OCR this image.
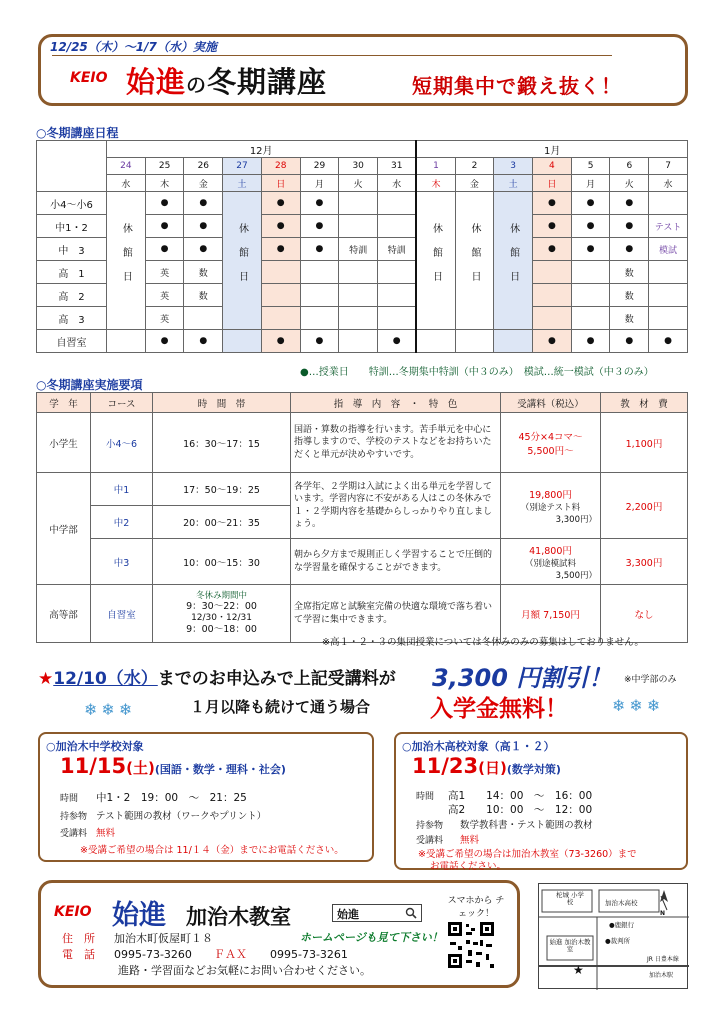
12/25（木）～1/7（水）実施
KEIO 始進の冬期講座	短期集中で鍛え抜く！
○冬期講座日程
	12月								1月						
	24	25	26	27	28	29	30	31	1	2	3	4	5	6	7
	水	木	金	土	日	月	火	水	木	金	土	日	月	火	水
小4～小6	休館日	●	●	休館日	●	●			休館日	休館日	休館日	●	●	●	
中1・2		●	●		●	●						●	●	●	テスト
中　3		●	●		●	●	特訓	特訓				●	●	●	模試
高　1		英	数											数	
高　2		英	数											数	
高　3		英												数	
自習室		●	●		●	●		●				●	●	●	●
●…授業日　　特訓…冬期集中特訓（中３のみ）　模試…統一模試（中３のみ）
○冬期講座実施要項
学　年	コース	時　間　帯	指　導　内　容　・　特　色	受講料（税込）	教　材　費
小学生	小4～6	16：30～17：15	国語・算数の指導を行います。苦手単元を中心に指導しますので、学校のテストなどをお持ちいただくと単元が決めやすいです。	45分×4コマ～
5,500円～	1,100円
中学部	中1	17：50～19：25	各学年、２学期は入試によく出る単元を学習しています。学習内容に不安がある人はこの冬休みで１・２学期内容を基礎からしっかりやり直しましょう。	19,800円
（別途テスト料
3,300円）	2,200円
	中2	20：00～21：35			
	中3	10：00～15：30	朝から夕方まで規則正しく学習することで圧倒的な学習量を確保することができます。	41,800円
（別途模試料
3,500円）	3,300円
高等部	自習室	冬休み期間中
9：30～22：00
12/30・12/31
9：00～18：00	全席指定席と試験室完備の快適な環境で落ち着いて学習に集中できます。	月額 7,150円	なし
※高１・２・３の集団授業については冬休みのみの募集はしておりません。
★12/10（水）までのお申込みで上記受講料が 3,300 円割引！ ※中学部のみ
❄❄❄	１月以降も続けて通う場合	入学金無料！	❄❄❄
○加治木中学校対象
11/15(土)(国語・数学・理科・社会)
時間 中1・2　19：00　～　21：25
持参物 テスト範囲の教材（ワークやプリント）
受講料 無料
※受講ご希望の場合は 11/１４（金）までにお電話ください。
○加治木高校対象（高１・２）
11/23(日)(数学対策)
時間 高1　　14：00　～　16：00
高2　　10：00　～　12：00
持参物 数学教科書・テスト範囲の教材
受講料 無料
※受講ご希望の場合は加治木教室（73-3260）まで
お電話ください。
KEIO 始進 加治木教室	始進
ホームページも見て下さい！
住　所 加治木町仮屋町１８
電　話 0995-73-3260 ＦＡＸ 0995-73-3261
進路・学習面などお気軽にお問い合わせください。
スマホから チェック！
柁城 小学校	加治木高校
●鹿銀行
●裁判所
始進 加治木教室
★
JR 日豊本線
加治木駅
N
